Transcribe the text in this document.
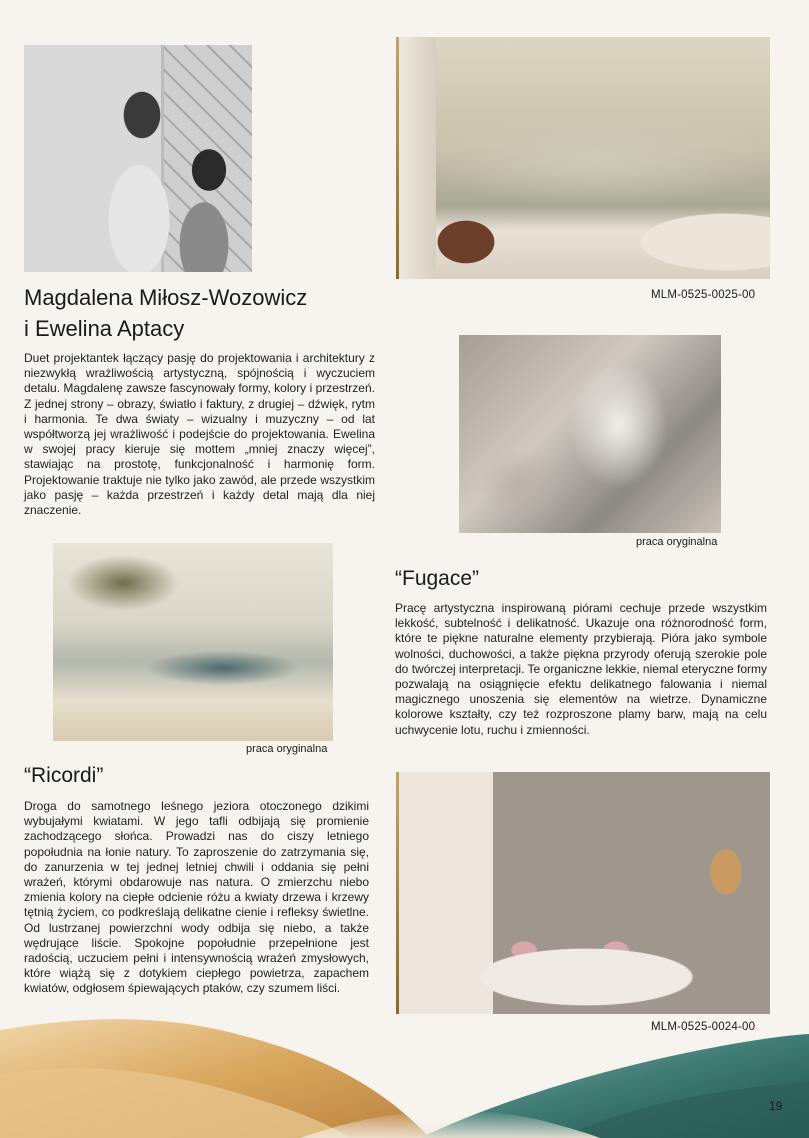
MLM-0525-0025-00
Magdalena Miłosz-Wozowicz
i Ewelina Aptacy

Duet projektantek łączący pasję do projektowania i architektury z niezwykłą wrażliwością artystyczną, spójnością i wyczuciem detalu. Magdalenę zawsze fascynowały formy, kolory i przestrzeń. Z jednej strony – obrazy, światło i faktury, z drugiej – dźwięk, rytm i harmonia. Te dwa światy – wizualny i muzyczny – od lat współtworzą jej wrażliwość i podejście do projektowania. Ewelina w swojej pracy kieruje się mottem „mniej znaczy więcej”, stawiając na prostotę, funkcjonalność i harmonię form. Projektowanie traktuje nie tylko jako zawód, ale przede wszystkim jako pasję – każda przestrzeń i każdy detal mają dla niej znaczenie.

praca oryginalna
“Fugace”

Pracę artystyczna inspirowaną piórami cechuje przede wszystkim lekkość, subtelność i delikatność. Ukazuje ona różnorodność form, które te piękne naturalne elementy przybierają. Pióra jako symbole wolności, duchowości, a także piękna przyrody oferują szerokie pole do twórczej interpretacji. Te organiczne lekkie, niemal eteryczne formy pozwalają na osiągnięcie efektu delikatnego falowania i niemal magicznego unoszenia się elementów na wietrze. Dynamiczne kolorowe kształty, czy też rozproszone plamy barw, mają na celu uchwycenie lotu, ruchu i zmienności.

praca oryginalna
“Ricordi”

Droga do samotnego leśnego jeziora otoczonego dzikimi wybujałymi kwiatami. W jego tafli odbijają się promienie zachodzącego słońca. Prowadzi nas do ciszy letniego popołudnia na łonie natury. To zaproszenie do zatrzymania się, do zanurzenia w tej jednej letniej chwili i oddania się pełni wrażeń, którymi obdarowuje nas natura. O zmierzchu niebo zmienia kolory na ciepłe odcienie różu a kwiaty drzewa i krzewy tętnią życiem, co podkreślają delikatne cienie i refleksy świetlne. Od lustrzanej powierzchni wody odbija się niebo, a także wędrujące liście. Spokojne popołudnie przepełnione jest radością, uczuciem pełni i intensywnością wrażeń zmysłowych, które wiążą się z dotykiem ciepłego powietrza, zapachem kwiatów, odgłosem śpiewających ptaków, czy szumem liści.

MLM-0525-0024-00
19
